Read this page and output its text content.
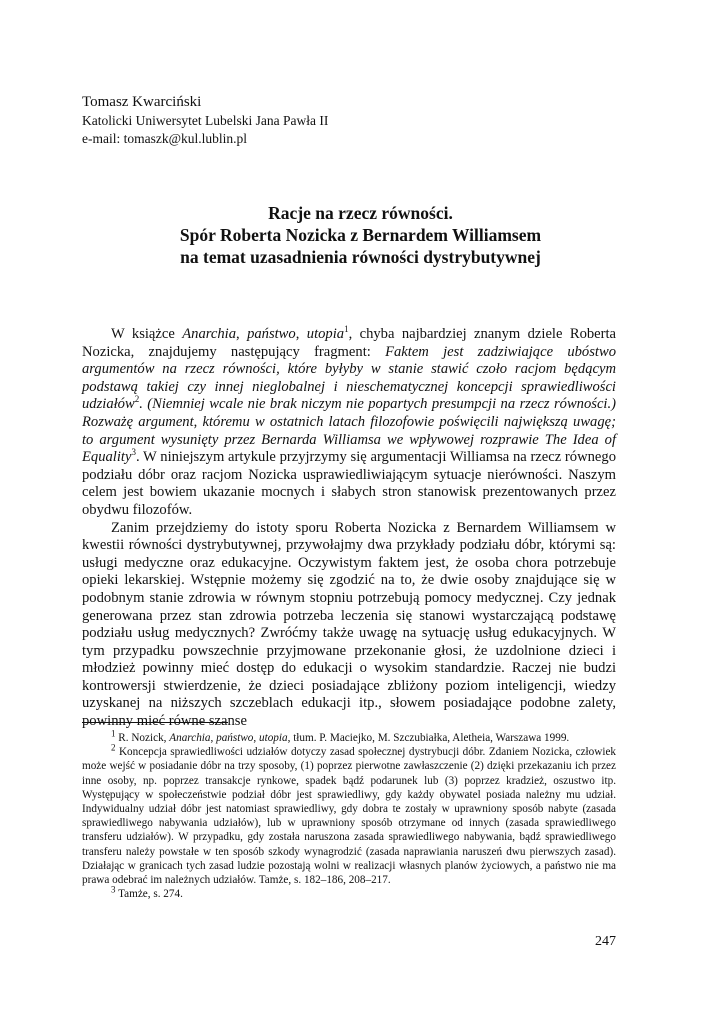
Tomasz Kwarciński
Katolicki Uniwersytet Lubelski Jana Pawła II
e-mail: tomaszk@kul.lublin.pl
Racje na rzecz równości.
Spór Roberta Nozicka z Bernardem Williamsem
na temat uzasadnienia równości dystrybutywnej

W książce Anarchia, państwo, utopia$^1$, chyba najbardziej znanym dziele Roberta Nozicka, znajdujemy następujący fragment: Faktem jest zadziwiające ubóstwo argumentów na rzecz równości, które byłyby w stanie stawić czoło racjom będącym podstawą takiej czy innej nieglobalnej i nieschematycznej koncepcji sprawiedliwości udziałów$^2$. (Niemniej wcale nie brak niczym nie popartych presumpcji na rzecz równości.) Rozważę argument, któremu w ostatnich latach filozofowie poświęcili największą uwagę; to argument wysunięty przez Bernarda Williamsa we wpływowej rozprawie The Idea of Equality$^3$. W niniejszym artykule przyjrzymy się argumentacji Williamsa na rzecz równego podziału dóbr oraz racjom Nozicka usprawiedliwiającym sytuacje nierówności. Naszym celem jest bowiem ukazanie mocnych i słabych stron stanowisk prezentowanych przez obydwu filozofów.

Zanim przejdziemy do istoty sporu Roberta Nozicka z Bernardem Williamsem w kwestii równości dystrybutywnej, przywołajmy dwa przykłady podziału dóbr, którymi są: usługi medyczne oraz edukacyjne. Oczywistym faktem jest, że osoba chora potrzebuje opieki lekarskiej. Wstępnie możemy się zgodzić na to, że dwie osoby znajdujące się w podobnym stanie zdrowia w równym stopniu potrzebują pomocy medycznej. Czy jednak generowana przez stan zdrowia potrzeba leczenia się stanowi wystarczającą podstawę podziału usług medycznych? Zwróćmy także uwagę na sytuację usług edukacyjnych. W tym przypadku powszechnie przyjmowane przekonanie głosi, że uzdolnione dzieci i młodzież powinny mieć dostęp do edukacji o wysokim standardzie. Raczej nie budzi kontrowersji stwierdzenie, że dzieci posiadające zbliżony poziom inteligencji, wiedzy uzyskanej na niższych szczeblach edukacji itp., słowem posiadające podobne zalety, powinny mieć równe szanse

$^1$ R. Nozick, Anarchia, państwo, utopia, tłum. P. Maciejko, M. Szczubiałka, Aletheia, Warszawa 1999.

$^2$ Koncepcja sprawiedliwości udziałów dotyczy zasad społecznej dystrybucji dóbr. Zdaniem Nozicka, człowiek może wejść w posiadanie dóbr na trzy sposoby, (1) poprzez pierwotne zawłaszczenie (2) dzięki przekazaniu ich przez inne osoby, np. poprzez transakcje rynkowe, spadek bądź podarunek lub (3) poprzez kradzież, oszustwo itp. Występujący w społeczeństwie podział dóbr jest sprawiedliwy, gdy każdy obywatel posiada należny mu udział. Indywidualny udział dóbr jest natomiast sprawiedliwy, gdy dobra te zostały w uprawniony sposób nabyte (zasada sprawiedliwego nabywania udziałów), lub w uprawniony sposób otrzymane od innych (zasada sprawiedliwego transferu udziałów). W przypadku, gdy została naruszona zasada sprawiedliwego nabywania, bądź sprawiedliwego transferu należy powstałe w ten sposób szkody wynagrodzić (zasada naprawiania naruszeń dwu pierwszych zasad). Działając w granicach tych zasad ludzie pozostają wolni w realizacji własnych planów życiowych, a państwo nie ma prawa odebrać im należnych udziałów. Tamże, s. 182–186, 208–217.

$^3$ Tamże, s. 274.

247
